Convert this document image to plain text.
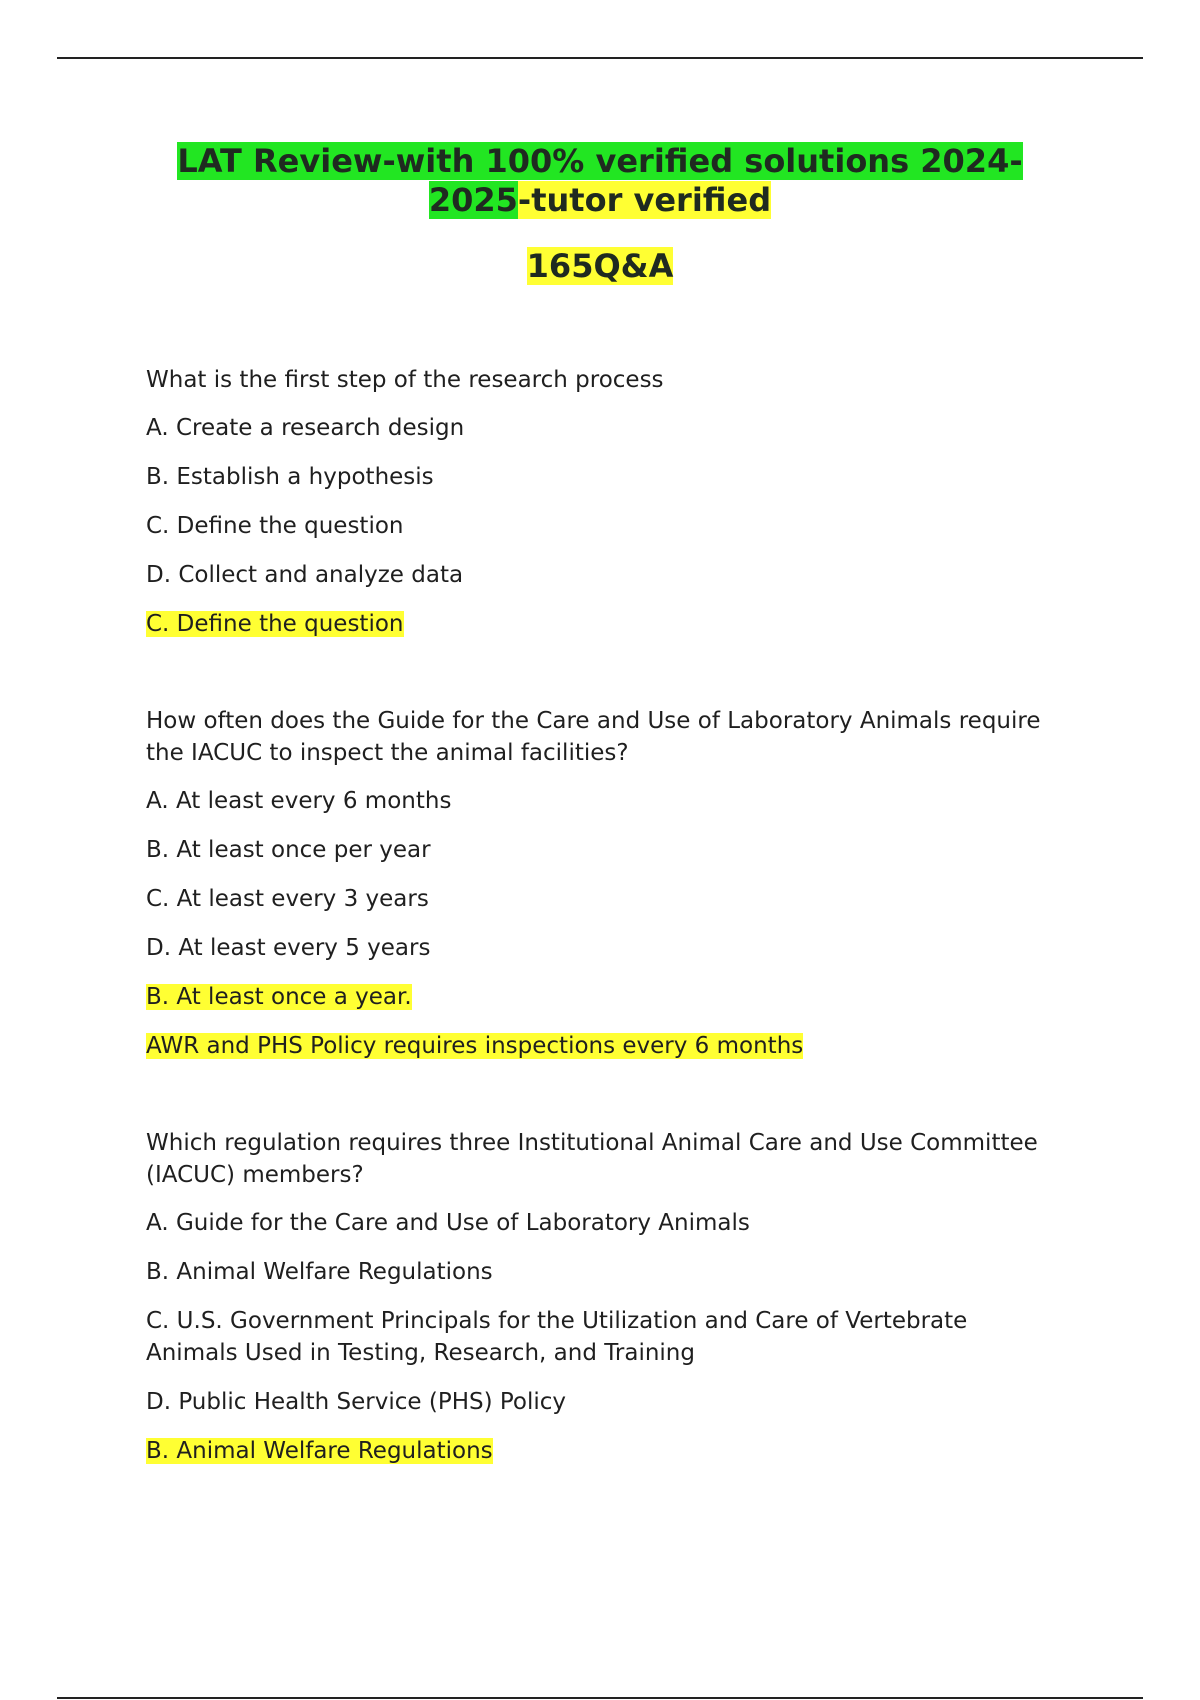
LAT Review-with 100% verified solutions 2024-
2025-tutor verified
165Q&A
What is the first step of the research process
A. Create a research design
B. Establish a hypothesis
C. Define the question
D. Collect and analyze data
C. Define the question
How often does the Guide for the Care and Use of Laboratory Animals require the IACUC to inspect the animal facilities?
A. At least every 6 months
B. At least once per year
C. At least every 3 years
D. At least every 5 years
B. At least once a year.
AWR and PHS Policy requires inspections every 6 months
Which regulation requires three Institutional Animal Care and Use Committee (IACUC) members?
A. Guide for the Care and Use of Laboratory Animals
B. Animal Welfare Regulations
C. U.S. Government Principals for the Utilization and Care of Vertebrate Animals Used in Testing, Research, and Training
D. Public Health Service (PHS) Policy
B. Animal Welfare Regulations
